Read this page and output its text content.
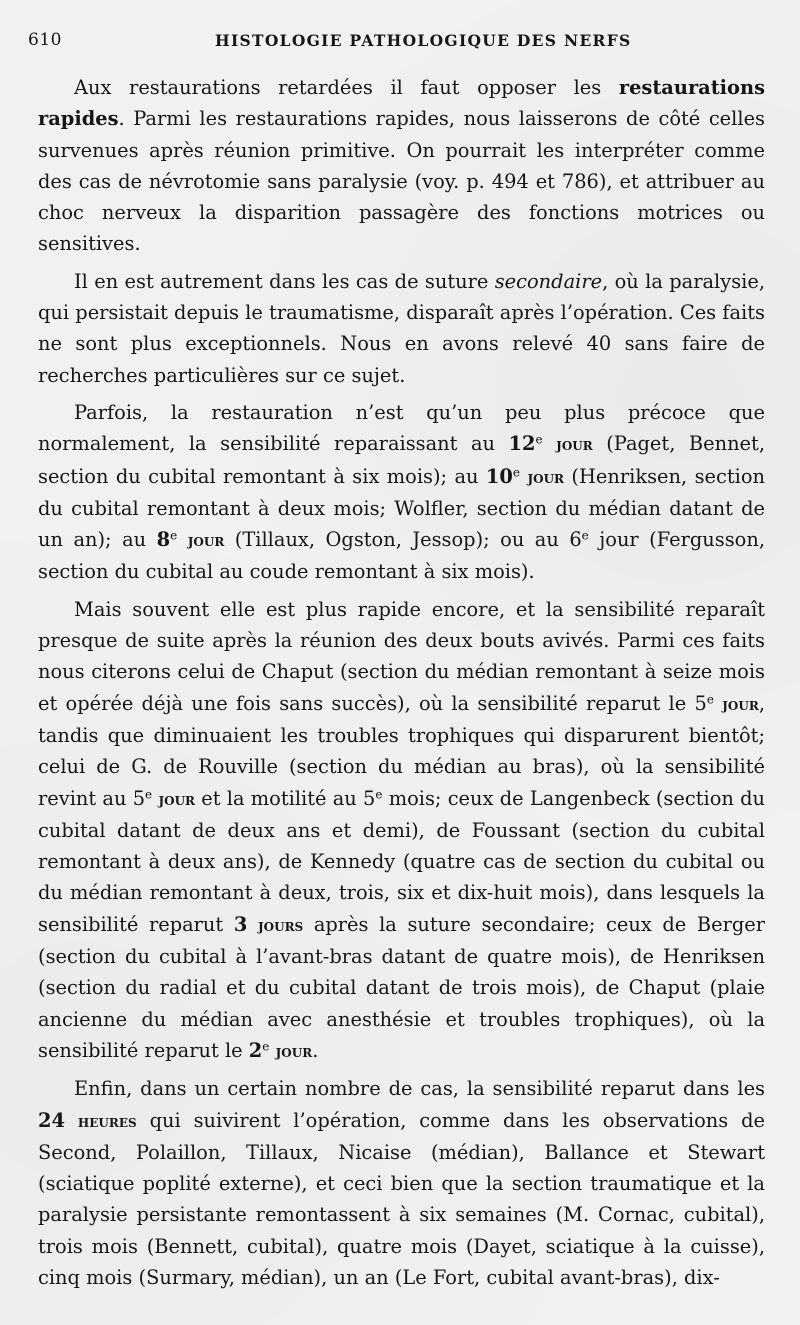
610	HISTOLOGIE PATHOLOGIQUE DES NERFS

Aux restaurations retardées il faut opposer les restaurations rapides. Parmi les restaurations rapides, nous laisserons de côté celles survenues après réunion primitive. On pourrait les interpréter comme des cas de névrotomie sans paralysie (voy. p. 494 et 786), et attribuer au choc nerveux la disparition passagère des fonctions motrices ou sensitives.

Il en est autrement dans les cas de suture secondaire, où la paralysie, qui persistait depuis le traumatisme, disparaît après l’opération. Ces faits ne sont plus exceptionnels. Nous en avons relevé 40 sans faire de recherches particulières sur ce sujet.

Parfois, la restauration n’est qu’un peu plus précoce que normalement, la sensibilité reparaissant au 12e jour (Paget, Bennet, section du cubital remontant à six mois); au 10e jour (Henriksen, section du cubital remontant à deux mois; Wolfler, section du médian datant de un an); au 8e jour (Tillaux, Ogston, Jessop); ou au 6e jour (Fergusson, section du cubital au coude remontant à six mois).

Mais souvent elle est plus rapide encore, et la sensibilité reparaît presque de suite après la réunion des deux bouts avivés. Parmi ces faits nous citerons celui de Chaput (section du médian remontant à seize mois et opérée déjà une fois sans succès), où la sensibilité reparut le 5e jour, tandis que diminuaient les troubles trophiques qui disparurent bientôt; celui de G. de Rouville (section du médian au bras), où la sensibilité revint au 5e jour et la motilité au 5e mois; ceux de Langenbeck (section du cubital datant de deux ans et demi), de Foussant (section du cubital remontant à deux ans), de Kennedy (quatre cas de section du cubital ou du médian remontant à deux, trois, six et dix-huit mois), dans lesquels la sensibilité reparut 3 jours après la suture secondaire; ceux de Berger (section du cubital à l’avant-bras datant de quatre mois), de Henriksen (section du radial et du cubital datant de trois mois), de Chaput (plaie ancienne du médian avec anesthésie et troubles trophiques), où la sensibilité reparut le 2e jour.

Enfin, dans un certain nombre de cas, la sensibilité reparut dans les 24 heures qui suivirent l’opération, comme dans les observations de Second, Polaillon, Tillaux, Nicaise (médian), Ballance et Stewart (sciatique poplité externe), et ceci bien que la section traumatique et la paralysie persistante remontassent à six semaines (M. Cornac, cubital), trois mois (Bennett, cubital), quatre mois (Dayet, sciatique à la cuisse), cinq mois (Surmary, médian), un an (Le Fort, cubital avant-bras), dix-
